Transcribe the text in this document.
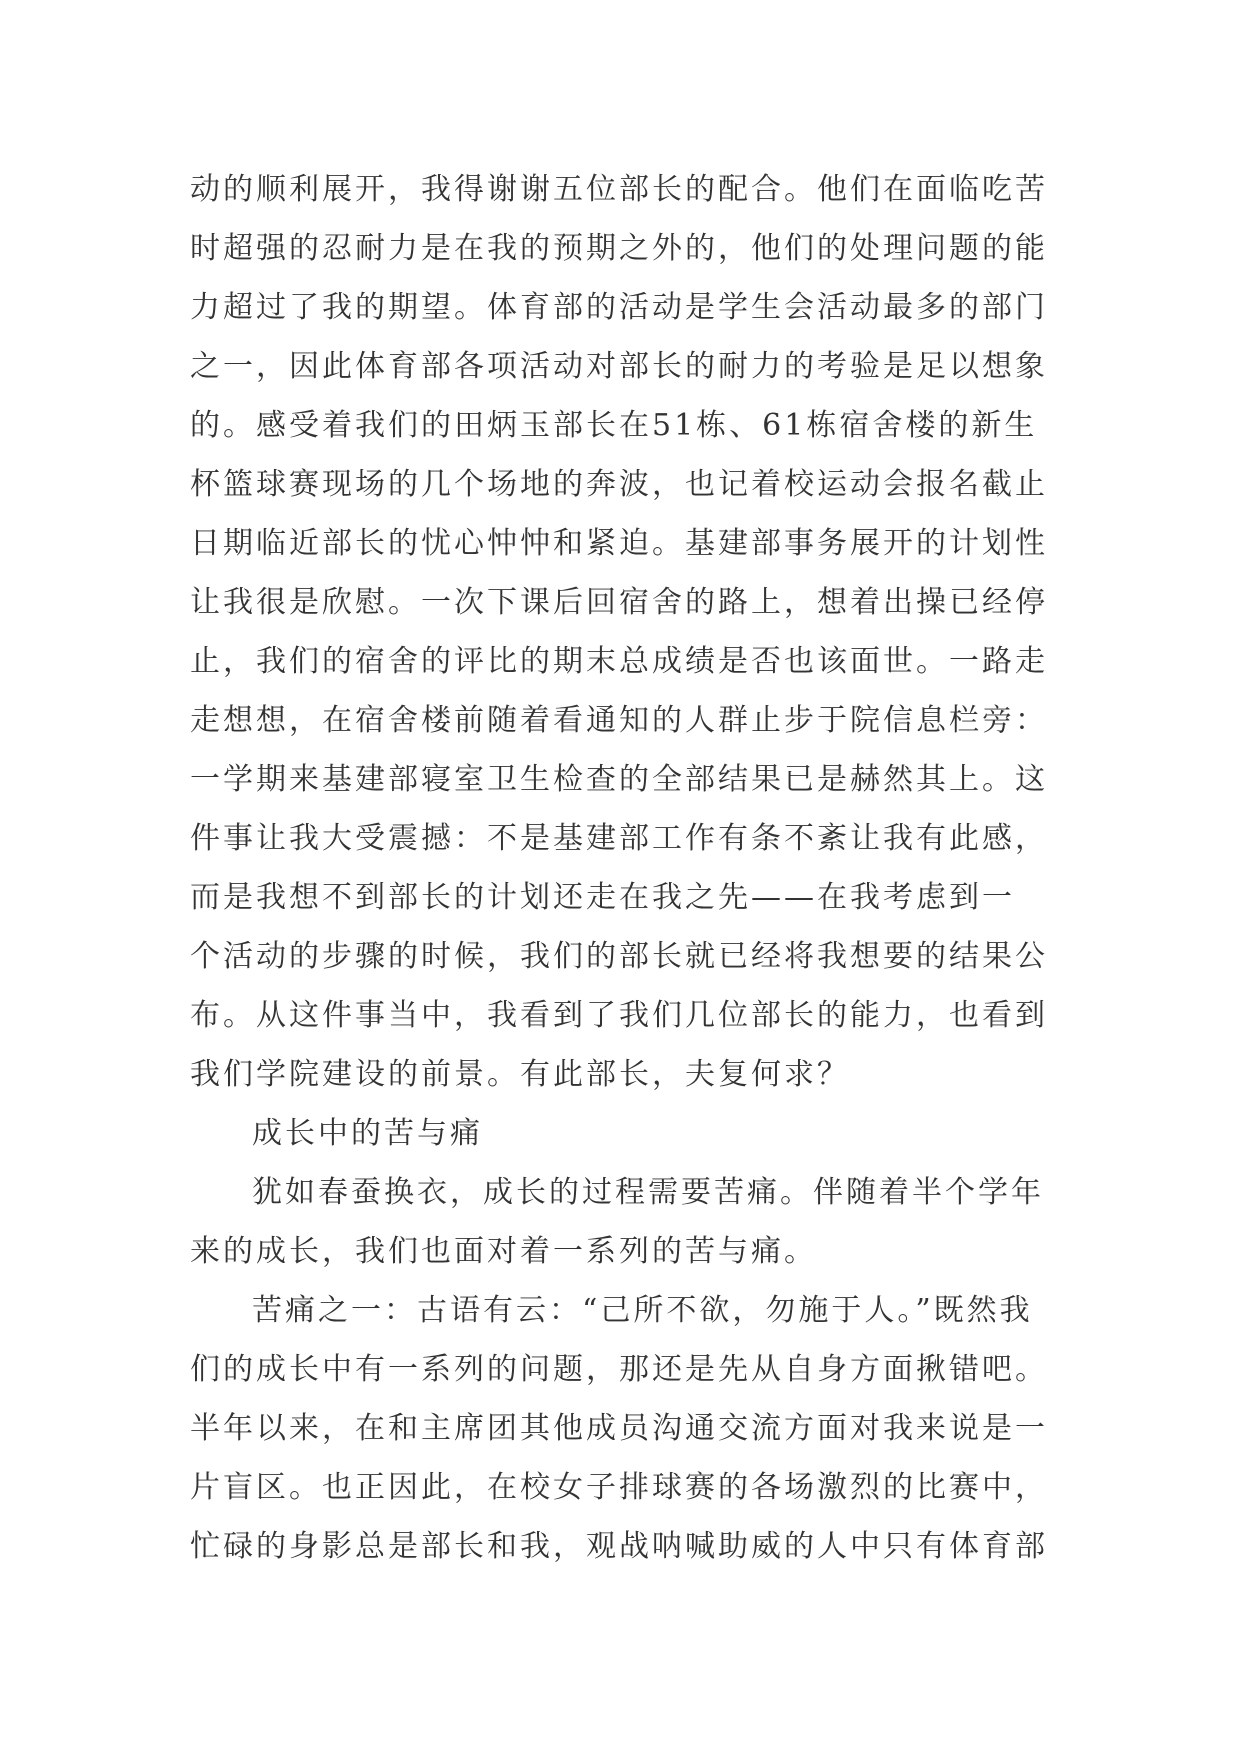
动的顺利展开，我得谢谢五位部长的配合。他们在面临吃苦
时超强的忍耐力是在我的预期之外的，他们的处理问题的能
力超过了我的期望。体育部的活动是学生会活动最多的部门
之一，因此体育部各项活动对部长的耐力的考验是足以想象
的。感受着我们的田炳玉部长在51栋、61栋宿舍楼的新生
杯篮球赛现场的几个场地的奔波，也记着校运动会报名截止
日期临近部长的忧心忡忡和紧迫。基建部事务展开的计划性
让我很是欣慰。一次下课后回宿舍的路上，想着出操已经停
止，我们的宿舍的评比的期末总成绩是否也该面世。一路走
走想想，在宿舍楼前随着看通知的人群止步于院信息栏旁：
一学期来基建部寝室卫生检查的全部结果已是赫然其上。这
件事让我大受震撼：不是基建部工作有条不紊让我有此感，
而是我想不到部长的计划还走在我之先——在我考虑到一
个活动的步骤的时候，我们的部长就已经将我想要的结果公
布。从这件事当中，我看到了我们几位部长的能力，也看到
我们学院建设的前景。有此部长，夫复何求？
成长中的苦与痛
犹如春蚕换衣，成长的过程需要苦痛。伴随着半个学年
来的成长，我们也面对着一系列的苦与痛。
苦痛之一：古语有云：“己所不欲，勿施于人。”既然我
们的成长中有一系列的问题，那还是先从自身方面揪错吧。
半年以来，在和主席团其他成员沟通交流方面对我来说是一
片盲区。也正因此，在校女子排球赛的各场激烈的比赛中，
忙碌的身影总是部长和我，观战呐喊助威的人中只有体育部
